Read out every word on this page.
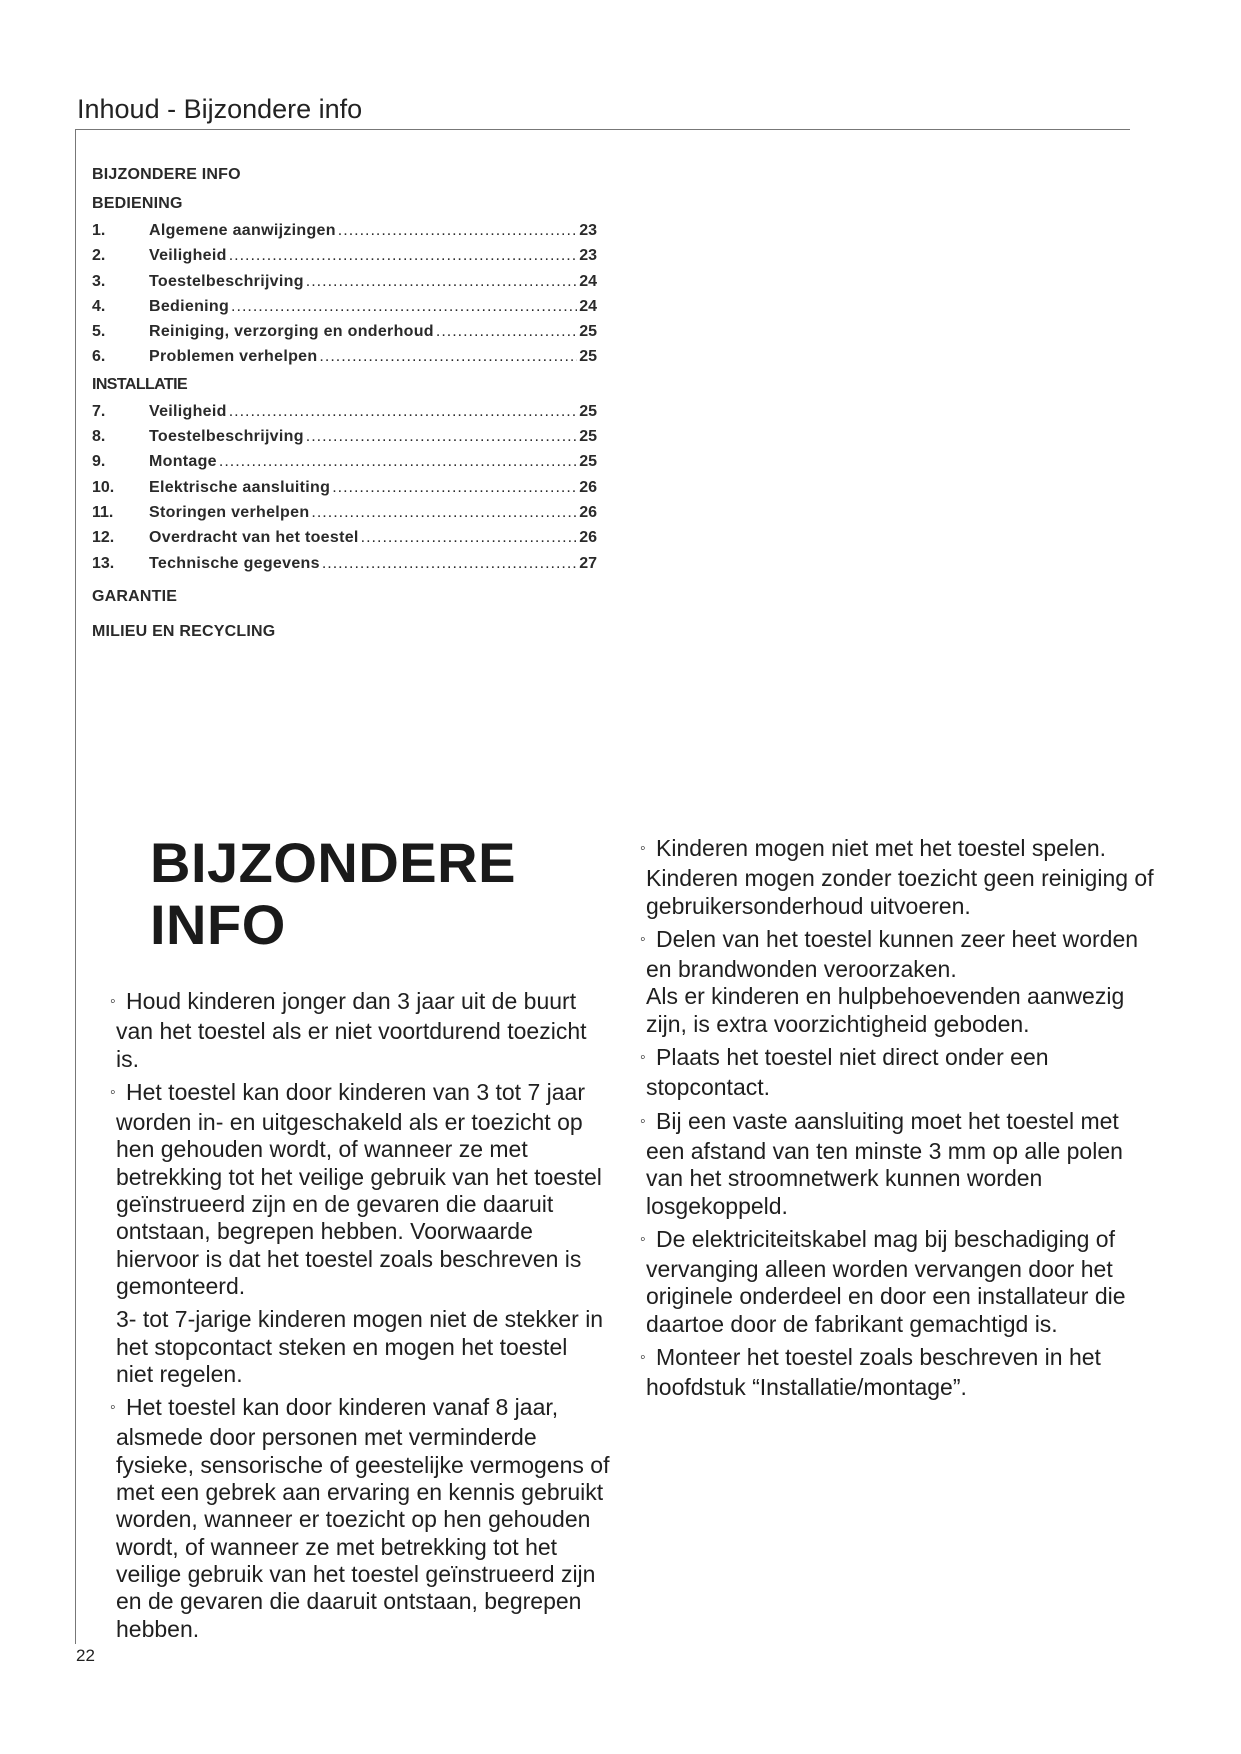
Inhoud - Bijzondere info
BIJZONDERE INFO
BEDIENING
1.	Algemene aanwijzingen .....	23
2.	Veiligheid .....	23
3.	Toestelbeschrijving .....	24
4.	Bediening .....	24
5.	Reiniging, verzorging en onderhoud .....	25
6.	Problemen verhelpen .....	25
INSTALLATIE
7.	Veiligheid .....	25
8.	Toestelbeschrijving .....	25
9.	Montage .....	25
10.	Elektrische aansluiting .....	26
11.	Storingen verhelpen .....	26
12.	Overdracht van het toestel .....	26
13.	Technische gegevens .....	27
GARANTIE
MILIEU EN RECYCLING
BIJZONDERE
INFO

◦ Houd kinderen jonger dan 3 jaar uit de buurt van het toestel als er niet voortdurend toezicht is.

◦ Het toestel kan door kinderen van 3 tot 7 jaar worden in- en uitgeschakeld als er toezicht op hen gehouden wordt, of wanneer ze met betrekking tot het veilige gebruik van het toestel geïnstrueerd zijn en de gevaren die daaruit ontstaan, begrepen hebben. Voorwaarde hiervoor is dat het toestel zoals beschreven is gemonteerd.

3- tot 7-jarige kinderen mogen niet de stekker in het stopcontact steken en mogen het toestel niet regelen.

◦ Het toestel kan door kinderen vanaf 8 jaar, alsmede door personen met verminderde fysieke, sensorische of geestelijke vermogens of met een gebrek aan ervaring en kennis gebruikt worden, wanneer er toezicht op hen gehouden wordt, of wanneer ze met betrekking tot het veilige gebruik van het toestel geïnstrueerd zijn en de gevaren die daaruit ontstaan, begrepen hebben.

◦ Kinderen mogen niet met het toestel spelen. Kinderen mogen zonder toezicht geen reiniging of gebruikersonderhoud uitvoeren.

◦ Delen van het toestel kunnen zeer heet worden en brandwonden veroorzaken.

Als er kinderen en hulpbehoevenden aanwezig zijn, is extra voorzichtigheid geboden.

◦ Plaats het toestel niet direct onder een stopcontact.

◦ Bij een vaste aansluiting moet het toestel met een afstand van ten minste 3 mm op alle polen van het stroomnetwerk kunnen worden losgekoppeld.

◦ De elektriciteitskabel mag bij beschadiging of vervanging alleen worden vervangen door het originele onderdeel en door een installateur die daartoe door de fabrikant gemachtigd is.

◦ Monteer het toestel zoals beschreven in het hoofdstuk “Installatie/montage”.

22
